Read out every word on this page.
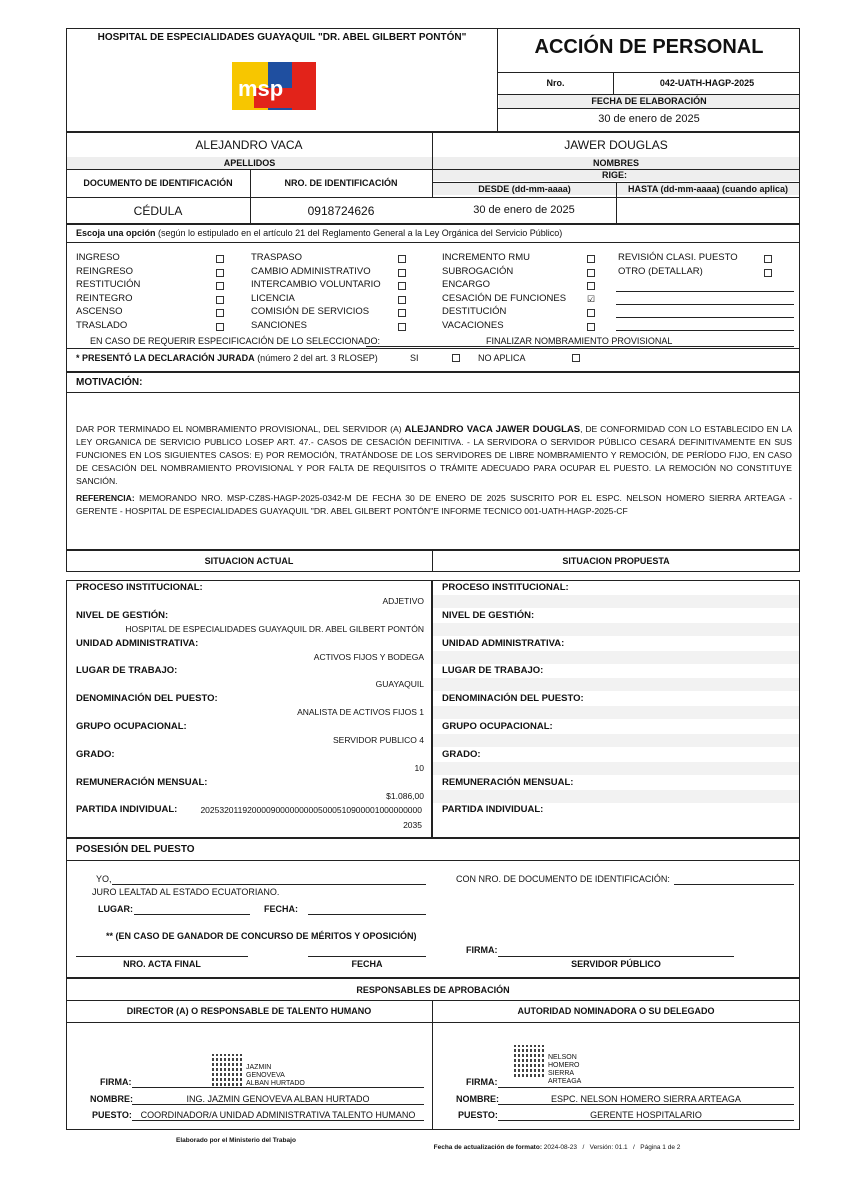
HOSPITAL DE ESPECIALIDADES GUAYAQUIL "DR. ABEL GILBERT PONTÓN"
msp
ACCIÓN DE PERSONAL
Nro.	042-UATH-HAGP-2025
FECHA DE ELABORACIÓN
30 de enero de 2025
ALEJANDRO VACA	JAWER DOUGLAS
APELLIDOS	NOMBRES
DOCUMENTO DE IDENTIFICACIÓN	NRO. DE IDENTIFICACIÓN
RIGE:
DESDE (dd-mm-aaaa)	HASTA (dd-mm-aaaa) (cuando aplica)
CÉDULA	0918724626	30 de enero de 2025
Escoja una opción (según lo estipulado en el artículo 21 del Reglamento General a la Ley Orgánica del Servicio Público)
INGRESO
REINGRESO
RESTITUCIÓN
REINTEGRO
ASCENSO
TRASLADO
TRASPASO
CAMBIO ADMINISTRATIVO
INTERCAMBIO VOLUNTARIO
LICENCIA
COMISIÓN DE SERVICIOS
SANCIONES
INCREMENTO RMU
SUBROGACIÓN
ENCARGO
CESACIÓN DE FUNCIONES ☑
DESTITUCIÓN
VACACIONES
REVISIÓN CLASI. PUESTO
OTRO (DETALLAR)
EN CASO DE REQUERIR ESPECIFICACIÓN DE LO SELECCIONADO:	FINALIZAR NOMBRAMIENTO PROVISIONAL
* PRESENTÓ LA DECLARACIÓN JURADA (número 2 del art. 3 RLOSEP)	SI	NO APLICA
MOTIVACIÓN:
DAR POR TERMINADO EL NOMBRAMIENTO PROVISIONAL, DEL SERVIDOR (A) ALEJANDRO VACA JAWER DOUGLAS, DE CONFORMIDAD CON LO ESTABLECIDO EN LA LEY ORGANICA DE SERVICIO PUBLICO LOSEP ART. 47.- CASOS DE CESACIÓN DEFINITIVA. - LA SERVIDORA O SERVIDOR PÚBLICO CESARÁ DEFINITIVAMENTE EN SUS FUNCIONES EN LOS SIGUIENTES CASOS: E) POR REMOCIÓN, TRATÁNDOSE DE LOS SERVIDORES DE LIBRE NOMBRAMIENTO Y REMOCIÓN, DE PERÍODO FIJO, EN CASO DE CESACIÓN DEL NOMBRAMIENTO PROVISIONAL Y POR FALTA DE REQUISITOS O TRÁMITE ADECUADO PARA OCUPAR EL PUESTO. LA REMOCIÓN NO CONSTITUYE SANCIÓN.
REFERENCIA: MEMORANDO NRO. MSP-CZ8S-HAGP-2025-0342-M DE FECHA 30 DE ENERO DE 2025 SUSCRITO POR EL ESPC. NELSON HOMERO SIERRA ARTEAGA - GERENTE - HOSPITAL DE ESPECIALIDADES GUAYAQUIL "DR. ABEL GILBERT PONTÓN"E INFORME TECNICO 001-UATH-HAGP-2025-CF
SITUACION ACTUAL	SITUACION PROPUESTA
PROCESO INSTITUCIONAL:	PROCESO INSTITUCIONAL:
ADJETIVO
NIVEL DE GESTIÓN:	NIVEL DE GESTIÓN:
HOSPITAL DE ESPECIALIDADES GUAYAQUIL DR. ABEL GILBERT PONTÓN
UNIDAD ADMINISTRATIVA:	UNIDAD ADMINISTRATIVA:
ACTIVOS FIJOS Y BODEGA
LUGAR DE TRABAJO:	LUGAR DE TRABAJO:
GUAYAQUIL
DENOMINACIÓN DEL PUESTO:	DENOMINACIÓN DEL PUESTO:
ANALISTA DE ACTIVOS FIJOS 1
GRUPO OCUPACIONAL:	GRUPO OCUPACIONAL:
SERVIDOR PUBLICO 4
GRADO:	GRADO:
10
REMUNERACIÓN MENSUAL:	REMUNERACIÓN MENSUAL:
$1.086,00
PARTIDA INDIVIDUAL:	PARTIDA INDIVIDUAL:
20253201192000090000000005000510900001000000000
2035
POSESIÓN DEL PUESTO
YO,	CON NRO. DE DOCUMENTO DE IDENTIFICACIÓN:
JURO LEALTAD AL ESTADO ECUATORIANO.
LUGAR:	FECHA:
** (EN CASO DE GANADOR DE CONCURSO DE MÉRITOS Y OPOSICIÓN)
FIRMA:
NRO. ACTA FINAL	FECHA	SERVIDOR PÚBLICO
RESPONSABLES DE APROBACIÓN
DIRECTOR (A) O RESPONSABLE DE TALENTO HUMANO	AUTORIDAD NOMINADORA O SU DELEGADO
JAZMIN GENOVEVA ALBAN HURTADO
FIRMA:
NOMBRE:	ING. JAZMIN GENOVEVA ALBAN HURTADO
PUESTO: COORDINADOR/A UNIDAD ADMINISTRATIVA TALENTO HUMANO
NELSON HOMERO SIERRA ARTEAGA
FIRMA:
NOMBRE:	ESPC. NELSON HOMERO SIERRA ARTEAGA
PUESTO:	GERENTE HOSPITALARIO
Elaborado por el Ministerio del Trabajo

Fecha de actualización de formato: 2024-08-23   /   Versión: 01.1   /   Página 1 de 2
